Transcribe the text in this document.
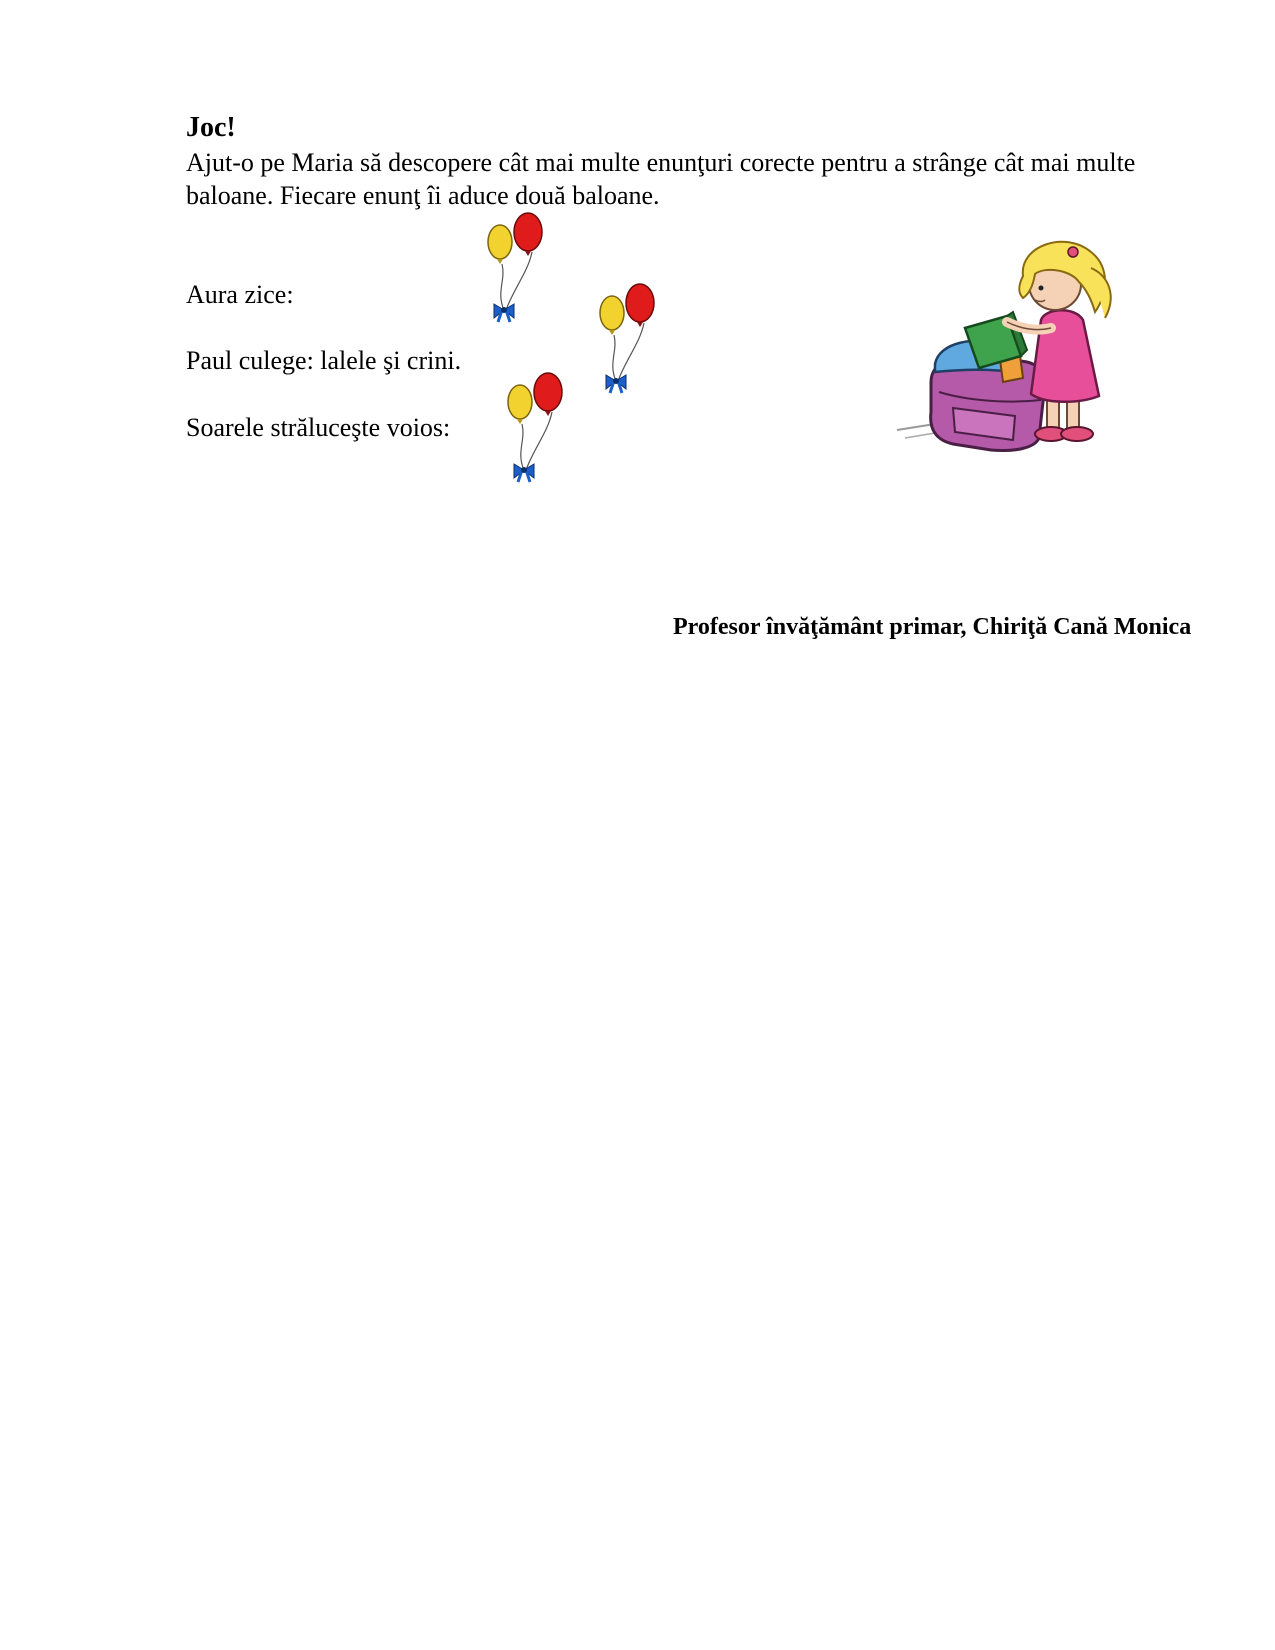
Joc!

Ajut-o pe Maria să descopere cât mai multe enunţuri corecte pentru a strânge cât mai multe baloane. Fiecare enunţ îi aduce două baloane.

Aura zice:

Paul culege: lalele şi crini.

Soarele străluceşte voios:

Profesor învăţământ primar, Chiriţă Cană Monica
